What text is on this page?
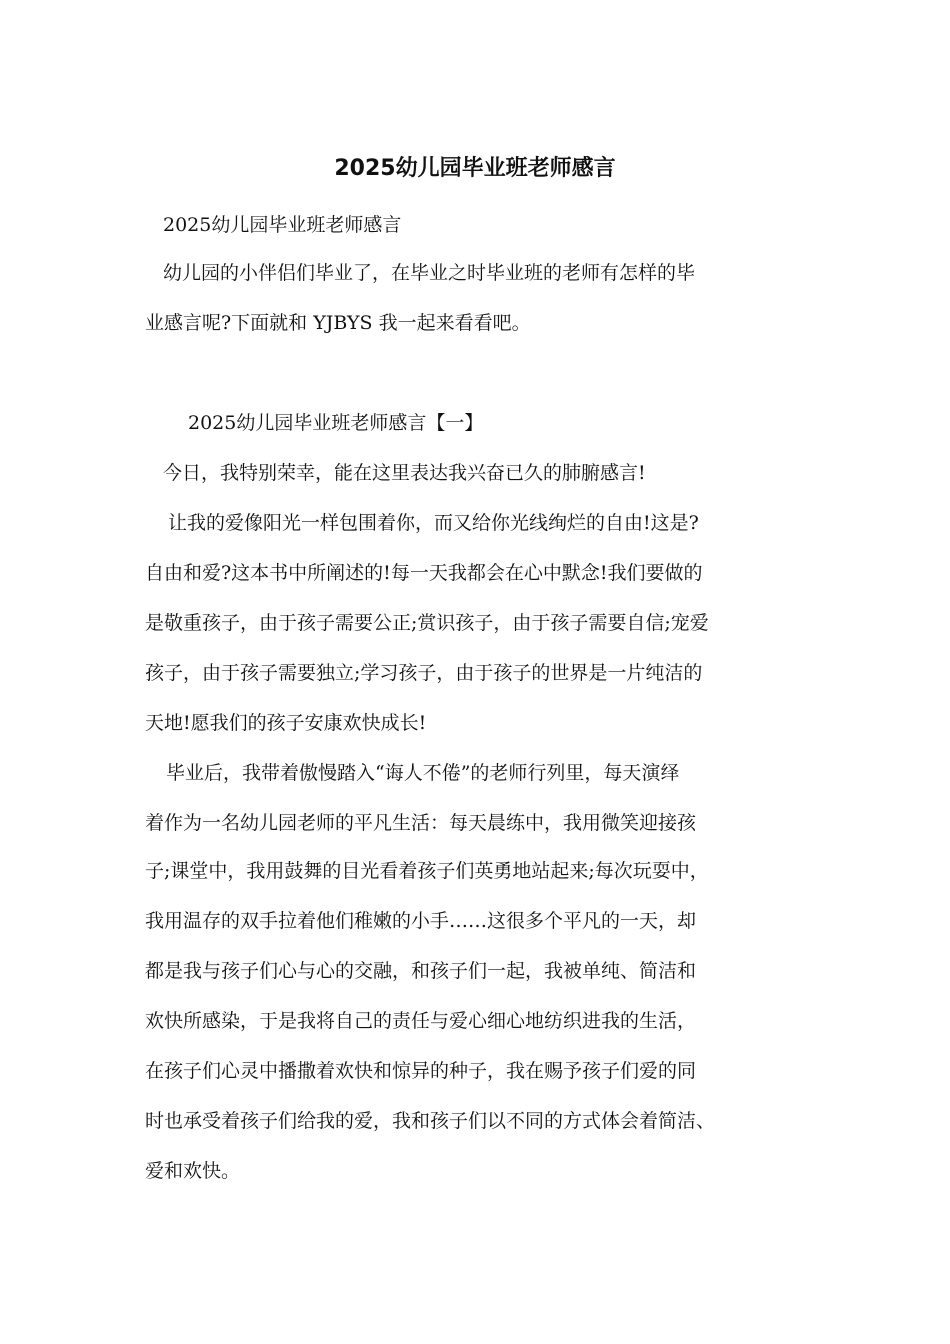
2025幼儿园毕业班老师感言
2025幼儿园毕业班老师感言
幼儿园的小伴侣们毕业了，在毕业之时毕业班的老师有怎样的毕
业感言呢?下面就和 YJBYS 我一起来看看吧。
2025幼儿园毕业班老师感言【一】
今日，我特别荣幸，能在这里表达我兴奋已久的肺腑感言!
让我的爱像阳光一样包围着你，而又给你光线绚烂的自由!这是?
自由和爱?这本书中所阐述的!每一天我都会在心中默念!我们要做的
是敬重孩子，由于孩子需要公正;赏识孩子，由于孩子需要自信;宠爱
孩子，由于孩子需要独立;学习孩子，由于孩子的世界是一片纯洁的
天地!愿我们的孩子安康欢快成长!
毕业后，我带着傲慢踏入“诲人不倦”的老师行列里，每天演绎
着作为一名幼儿园老师的平凡生活：每天晨练中，我用微笑迎接孩
子;课堂中，我用鼓舞的目光看着孩子们英勇地站起来;每次玩耍中，
我用温存的双手拉着他们稚嫩的小手……这很多个平凡的一天，却
都是我与孩子们心与心的交融，和孩子们一起，我被单纯、简洁和
欢快所感染，于是我将自己的责任与爱心细心地纺织进我的生活，
在孩子们心灵中播撒着欢快和惊异的种子，我在赐予孩子们爱的同
时也承受着孩子们给我的爱，我和孩子们以不同的方式体会着简洁、
爱和欢快。
